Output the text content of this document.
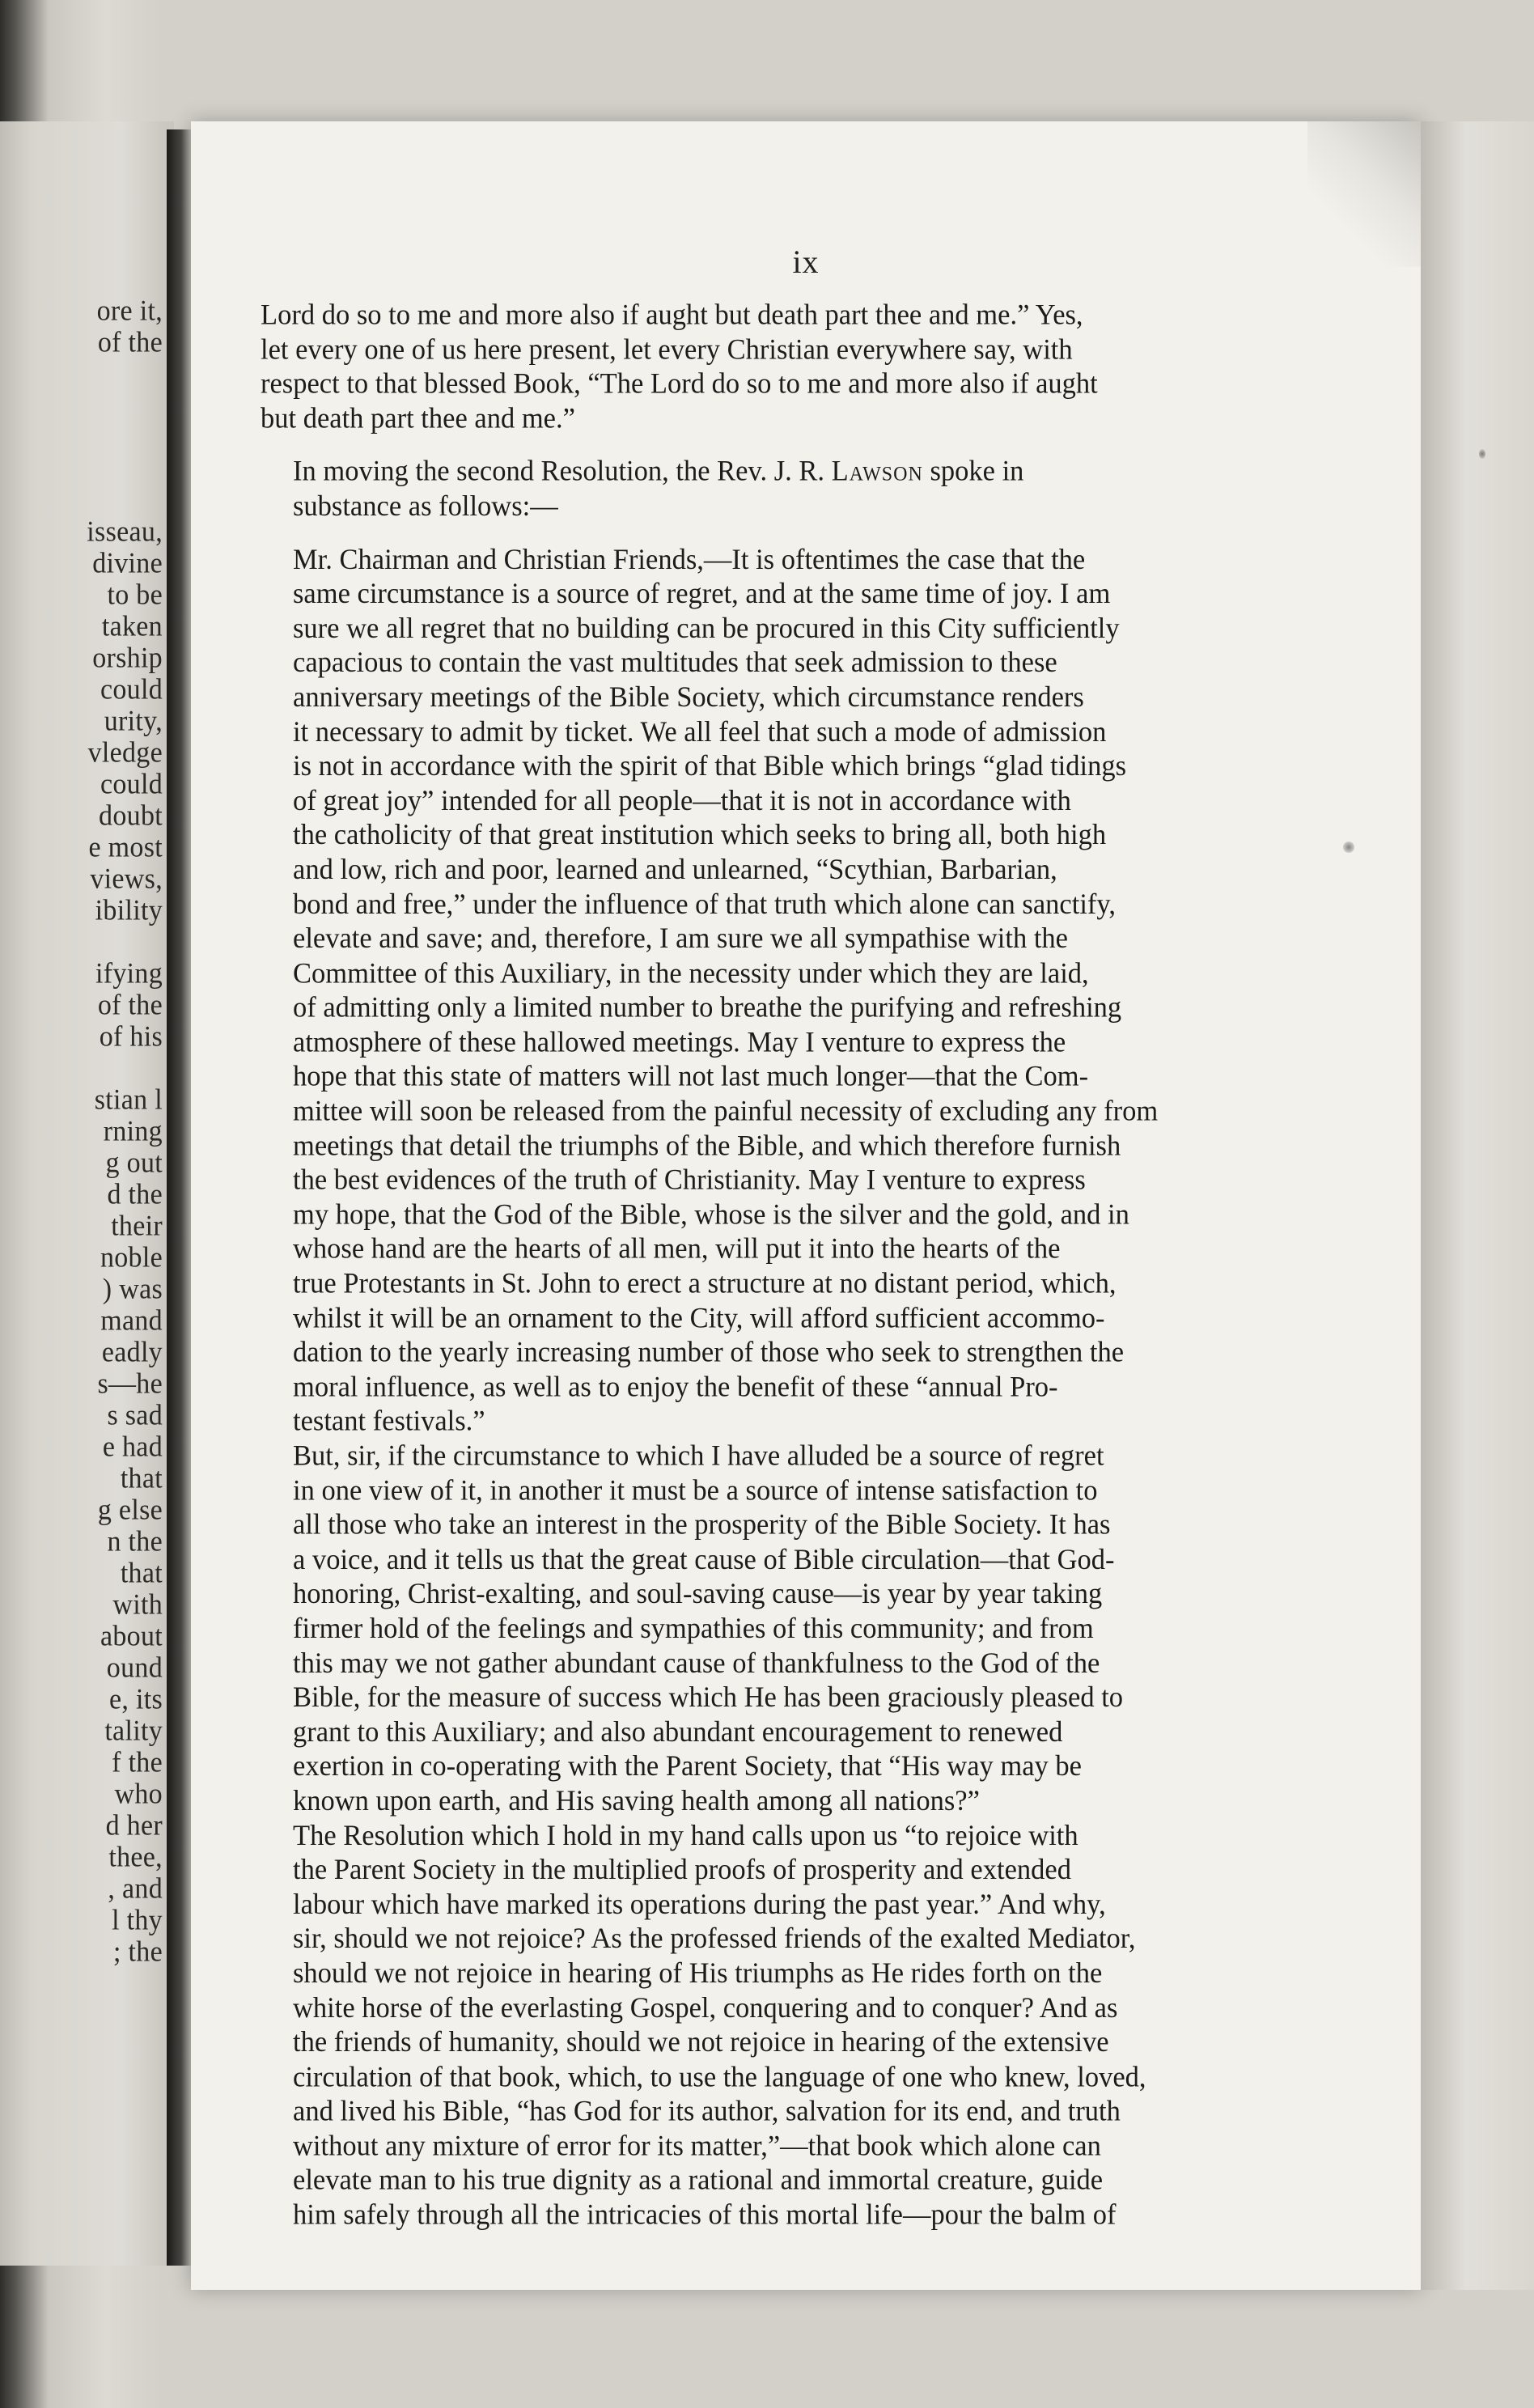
ore it,
of the
isseau,
divine
to be
taken
orship
could
urity,
vledge
could
doubt
e most
views,
ibility
ifying
of the
of his
stian l
rning
g out
d the
their
noble
) was
mand
eadly
s—he
s sad
e had
that
g else
n the
that
with
about
ound
e, its
tality
f the
who
d her
thee,
, and
l thy
; the
ix

Lord do so to me and more also if aught but death part thee and me.” Yes,
let every one of us here present, let every Christian everywhere say, with
respect to that blessed Book, “The Lord do so to me and more also if aught
but death part thee and me.”

In moving the second Resolution, the Rev. J. R. Lawson spoke in
substance as follows:—

Mr. Chairman and Christian Friends,—It is oftentimes the case that the
same circumstance is a source of regret, and at the same time of joy. I am
sure we all regret that no building can be procured in this City sufficiently
capacious to contain the vast multitudes that seek admission to these
anniversary meetings of the Bible Society, which circumstance renders
it necessary to admit by ticket. We all feel that such a mode of admission
is not in accordance with the spirit of that Bible which brings “glad tidings
of great joy” intended for all people—that it is not in accordance with
the catholicity of that great institution which seeks to bring all, both high
and low, rich and poor, learned and unlearned, “Scythian, Barbarian,
bond and free,” under the influence of that truth which alone can sanctify,
elevate and save; and, therefore, I am sure we all sympathise with the
Committee of this Auxiliary, in the necessity under which they are laid,
of admitting only a limited number to breathe the purifying and refreshing
atmosphere of these hallowed meetings. May I venture to express the
hope that this state of matters will not last much longer—that the Com-
mittee will soon be released from the painful necessity of excluding any from
meetings that detail the triumphs of the Bible, and which therefore furnish
the best evidences of the truth of Christianity. May I venture to express
my hope, that the God of the Bible, whose is the silver and the gold, and in
whose hand are the hearts of all men, will put it into the hearts of the
true Protestants in St. John to erect a structure at no distant period, which,
whilst it will be an ornament to the City, will afford sufficient accommo-
dation to the yearly increasing number of those who seek to strengthen the
moral influence, as well as to enjoy the benefit of these “annual Pro-
testant festivals.”

But, sir, if the circumstance to which I have alluded be a source of regret
in one view of it, in another it must be a source of intense satisfaction to
all those who take an interest in the prosperity of the Bible Society. It has
a voice, and it tells us that the great cause of Bible circulation—that God-
honoring, Christ-exalting, and soul-saving cause—is year by year taking
firmer hold of the feelings and sympathies of this community; and from
this may we not gather abundant cause of thankfulness to the God of the
Bible, for the measure of success which He has been graciously pleased to
grant to this Auxiliary; and also abundant encouragement to renewed
exertion in co-operating with the Parent Society, that “His way may be
known upon earth, and His saving health among all nations?”

The Resolution which I hold in my hand calls upon us “to rejoice with
the Parent Society in the multiplied proofs of prosperity and extended
labour which have marked its operations during the past year.” And why,
sir, should we not rejoice? As the professed friends of the exalted Mediator,
should we not rejoice in hearing of His triumphs as He rides forth on the
white horse of the everlasting Gospel, conquering and to conquer? And as
the friends of humanity, should we not rejoice in hearing of the extensive
circulation of that book, which, to use the language of one who knew, loved,
and lived his Bible, “has God for its author, salvation for its end, and truth
without any mixture of error for its matter,”—that book which alone can
elevate man to his true dignity as a rational and immortal creature, guide
him safely through all the intricacies of this mortal life—pour the balm of
